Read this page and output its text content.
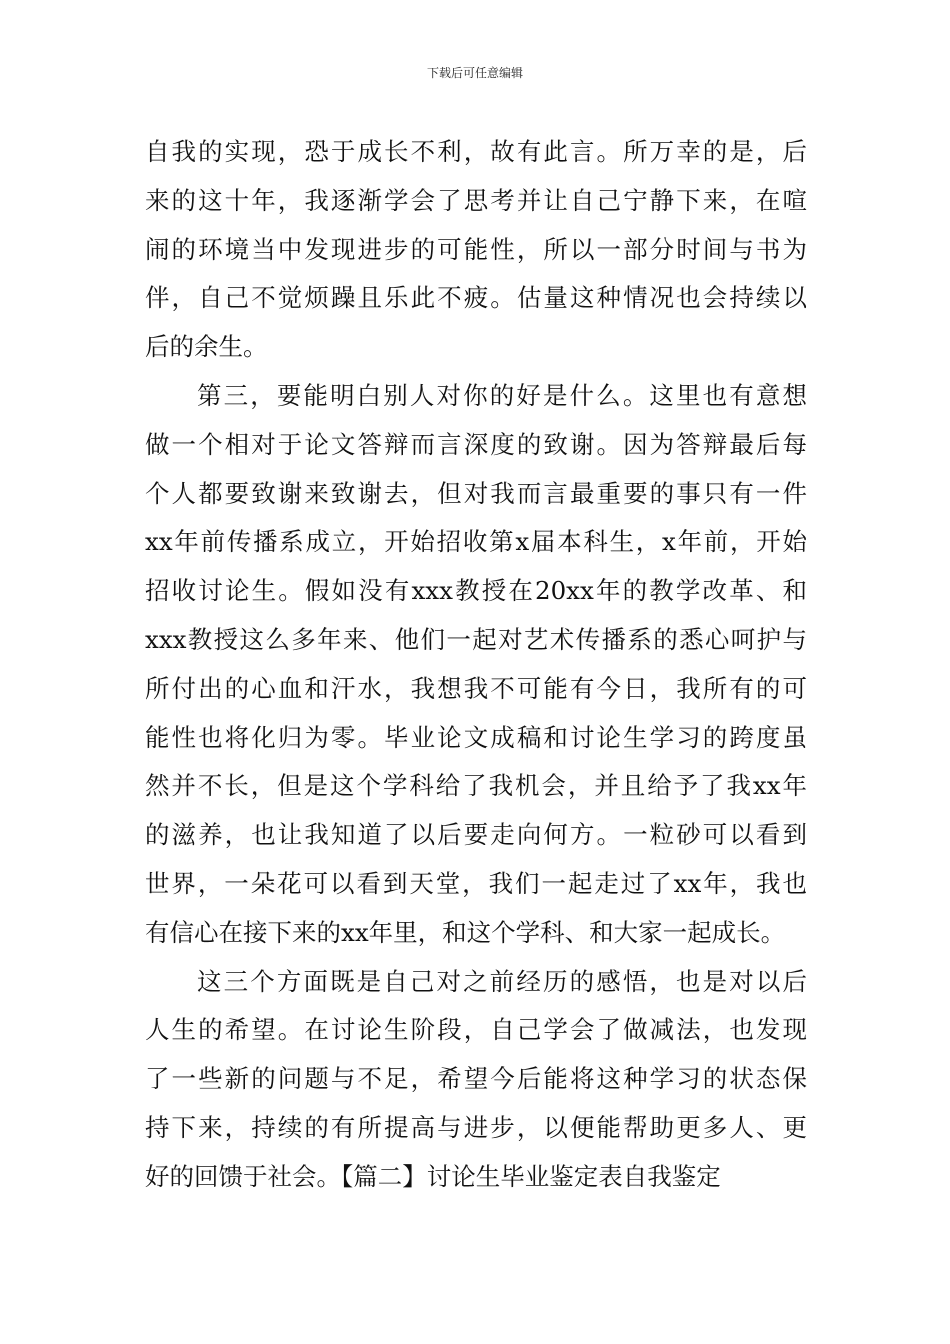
下载后可任意编辑
自我的实现，恐于成长不利，故有此言。所万幸的是，后
来的这十年，我逐渐学会了思考并让自己宁静下来，在喧
闹的环境当中发现进步的可能性，所以一部分时间与书为
伴，自己不觉烦躁且乐此不疲。估量这种情况也会持续以
后的余生。
第三，要能明白别人对你的好是什么。这里也有意想
做一个相对于论文答辩而言深度的致谢。因为答辩最后每
个人都要致谢来致谢去，但对我而言最重要的事只有一件
xx年前传播系成立，开始招收第x届本科生，x年前，开始
招收讨论生。假如没有xxx教授在20xx年的教学改革、和
xxx教授这么多年来、他们一起对艺术传播系的悉心呵护与
所付出的心血和汗水，我想我不可能有今日，我所有的可
能性也将化归为零。毕业论文成稿和讨论生学习的跨度虽
然并不长，但是这个学科给了我机会，并且给予了我xx年
的滋养，也让我知道了以后要走向何方。一粒砂可以看到
世界，一朵花可以看到天堂，我们一起走过了xx年，我也
有信心在接下来的xx年里，和这个学科、和大家一起成长。
这三个方面既是自己对之前经历的感悟，也是对以后
人生的希望。在讨论生阶段，自己学会了做减法，也发现
了一些新的问题与不足，希望今后能将这种学习的状态保
持下来，持续的有所提高与进步，以便能帮助更多人、更
好的回馈于社会。【篇二】讨论生毕业鉴定表自我鉴定
